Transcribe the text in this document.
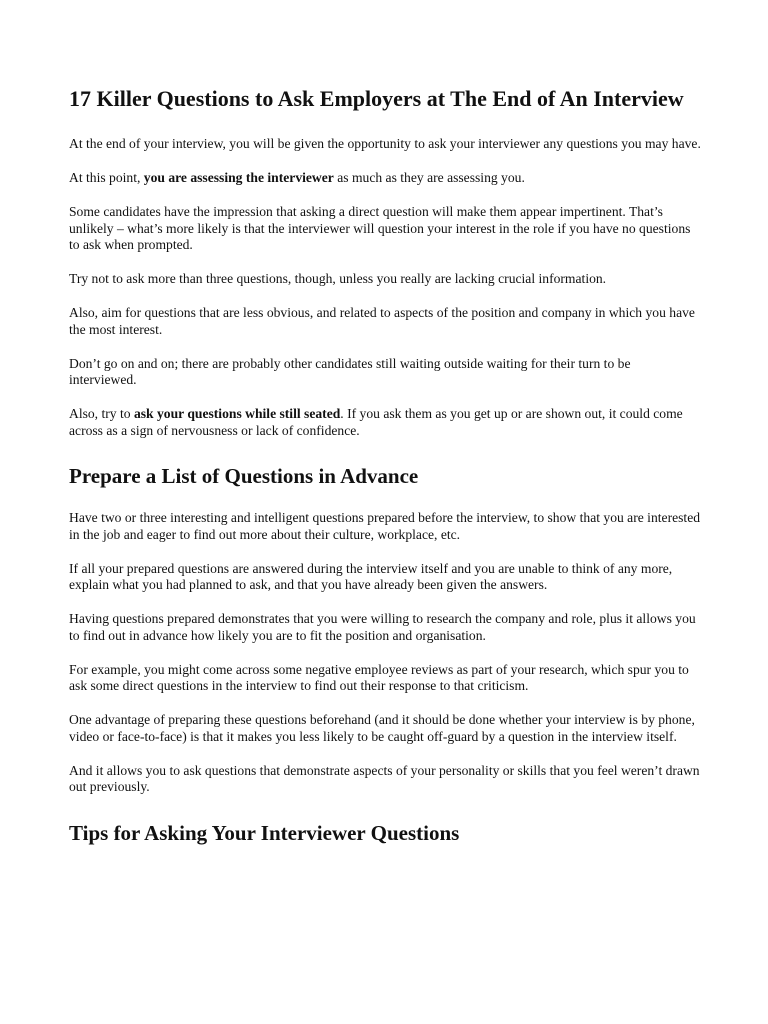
17 Killer Questions to Ask Employers at The End of An Interview

At the end of your interview, you will be given the opportunity to ask your interviewer any questions you may have.

At this point, you are assessing the interviewer as much as they are assessing you.

Some candidates have the impression that asking a direct question will make them appear impertinent. That’s unlikely – what’s more likely is that the interviewer will question your interest in the role if you have no questions to ask when prompted.

Try not to ask more than three questions, though, unless you really are lacking crucial information.

Also, aim for questions that are less obvious, and related to aspects of the position and company in which you have the most interest.

Don’t go on and on; there are probably other candidates still waiting outside waiting for their turn to be interviewed.

Also, try to ask your questions while still seated. If you ask them as you get up or are shown out, it could come across as a sign of nervousness or lack of confidence.

Prepare a List of Questions in Advance

Have two or three interesting and intelligent questions prepared before the interview, to show that you are interested in the job and eager to find out more about their culture, workplace, etc.

If all your prepared questions are answered during the interview itself and you are unable to think of any more, explain what you had planned to ask, and that you have already been given the answers.

Having questions prepared demonstrates that you were willing to research the company and role, plus it allows you to find out in advance how likely you are to fit the position and organisation.

For example, you might come across some negative employee reviews as part of your research, which spur you to ask some direct questions in the interview to find out their response to that criticism.

One advantage of preparing these questions beforehand (and it should be done whether your interview is by phone, video or face-to-face) is that it makes you less likely to be caught off-guard by a question in the interview itself.

And it allows you to ask questions that demonstrate aspects of your personality or skills that you feel weren’t drawn out previously.

Tips for Asking Your Interviewer Questions
